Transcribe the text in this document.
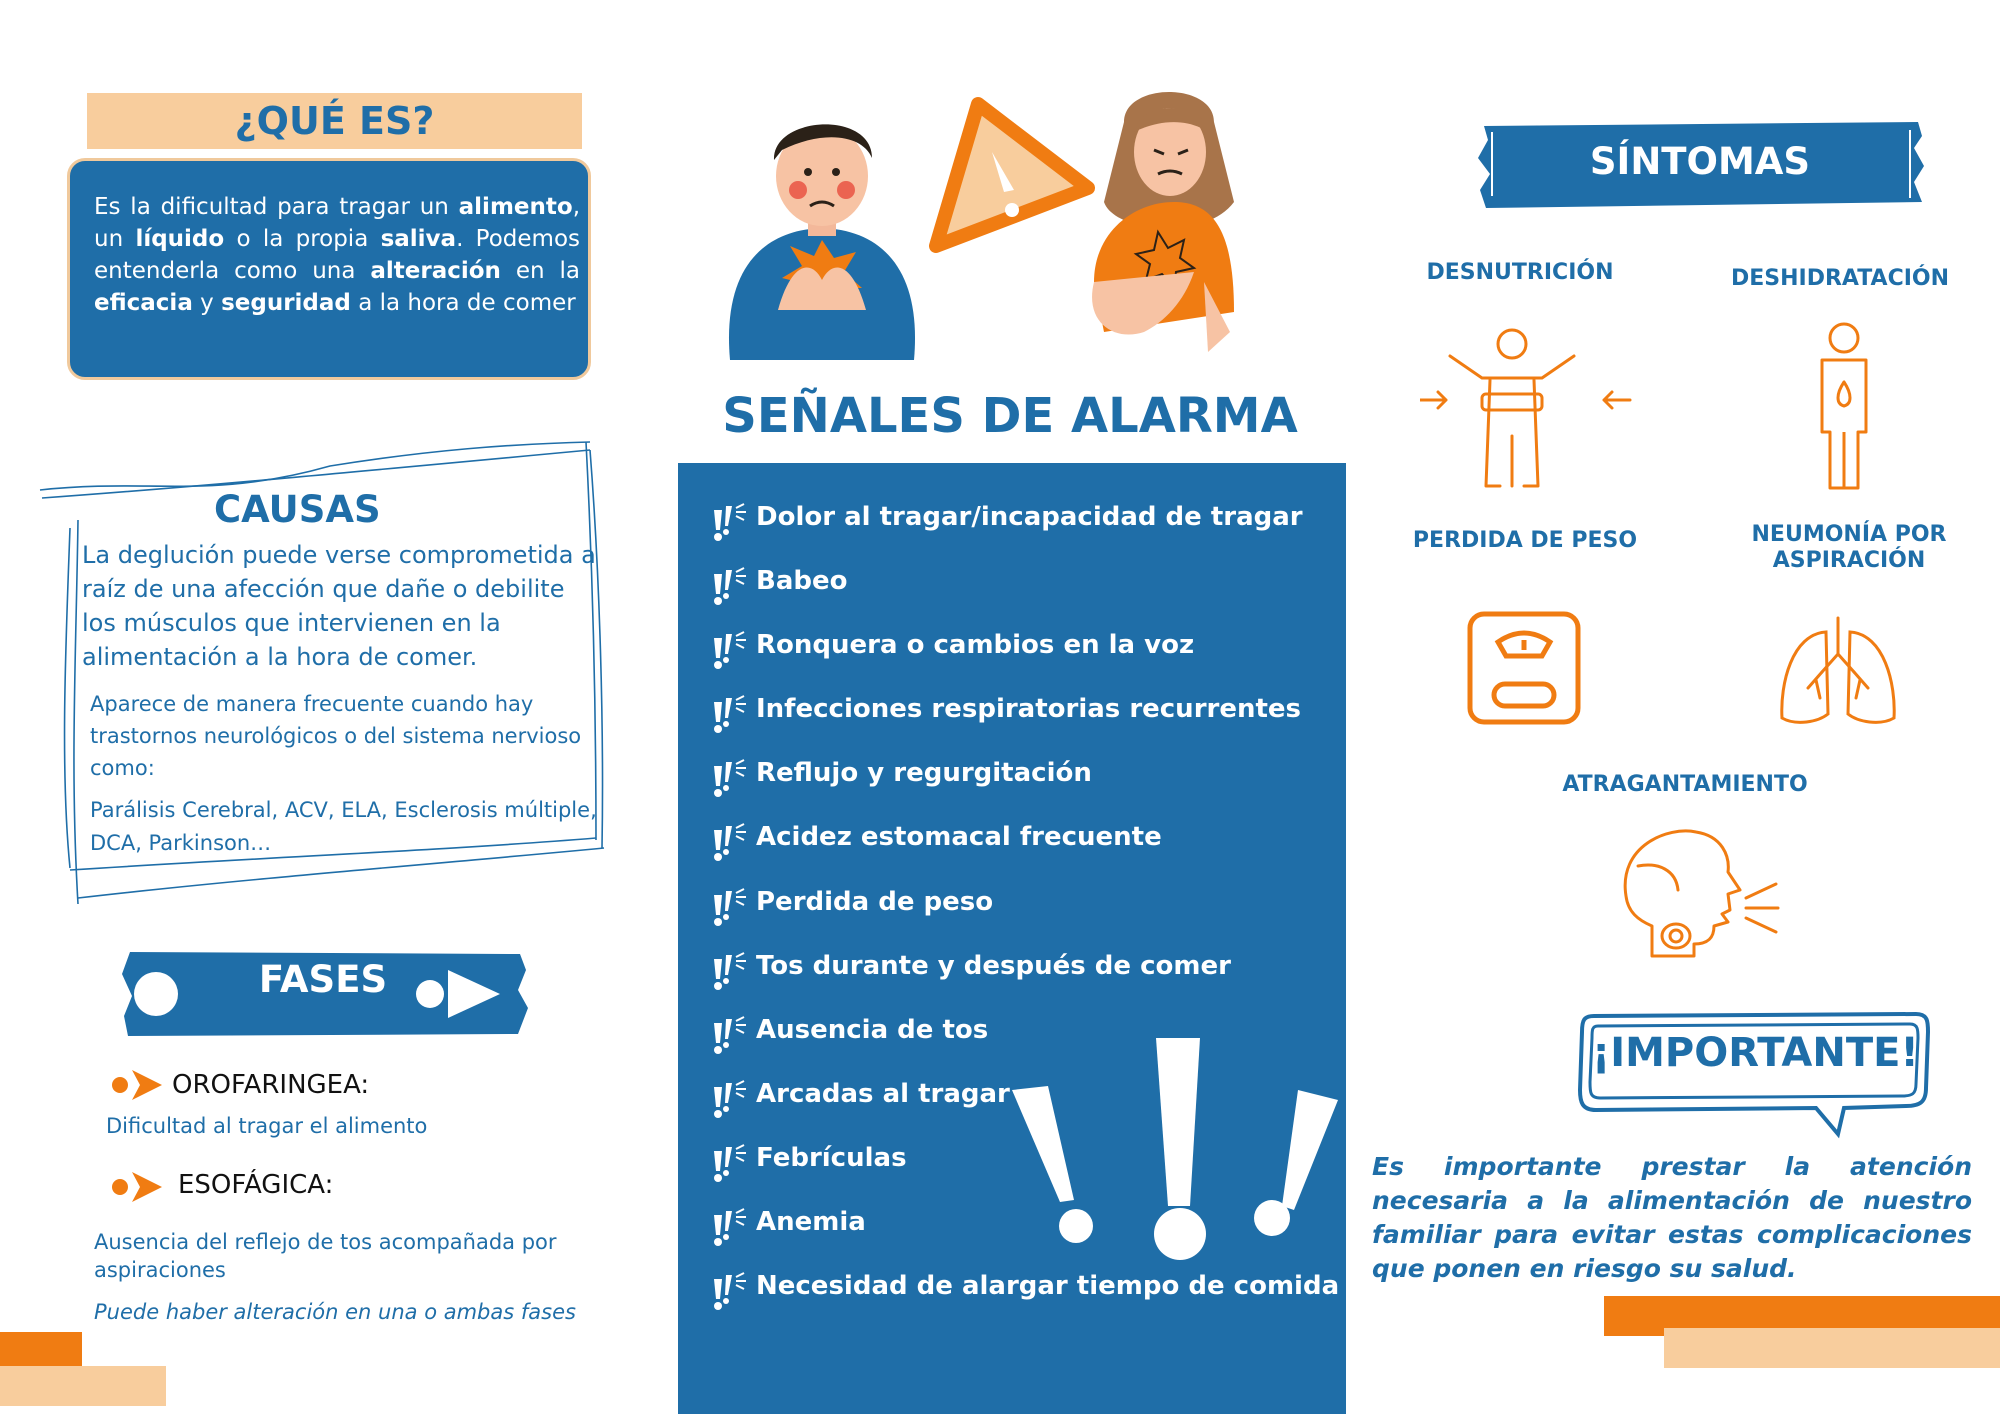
¿QUÉ ES?
Es la dificultad para tragar un alimento, un líquido o la propia saliva. Podemos entenderla como una alteración en la eficacia y seguridad a la hora de comer
CAUSAS
La deglución puede verse comprometida a raíz de una afección que dañe o debilite los músculos que intervienen en la alimentación a la hora de comer.
Aparece de manera frecuente cuando hay trastornos neurológicos o del sistema nervioso como:
Parálisis Cerebral, ACV, ELA, Esclerosis múltiple, DCA, Parkinson…
FASES
OROFARINGEA:
Dificultad al tragar el alimento
ESOFÁGICA:
Ausencia del reflejo de tos acompañada por aspiraciones
Puede haber alteración en una o ambas fases
SEÑALES DE ALARMA
Dolor al tragar/incapacidad de tragar
Babeo
Ronquera o cambios en la voz
Infecciones respiratorias recurrentes
Reflujo y regurgitación
Acidez estomacal frecuente
Perdida de peso
Tos durante y después de comer
Ausencia de tos
Arcadas al tragar
Febrículas
Anemia
Necesidad de alargar tiempo de comida
SÍNTOMAS
DESNUTRICIÓN	DESHIDRATACIÓN
PERDIDA DE PESO	NEUMONÍA POR ASPIRACIÓN
ATRAGANTAMIENTO
¡IMPORTANTE!
Es importante prestar la atención necesaria a la alimentación de nuestro familiar para evitar estas complicaciones que ponen en riesgo su salud.
